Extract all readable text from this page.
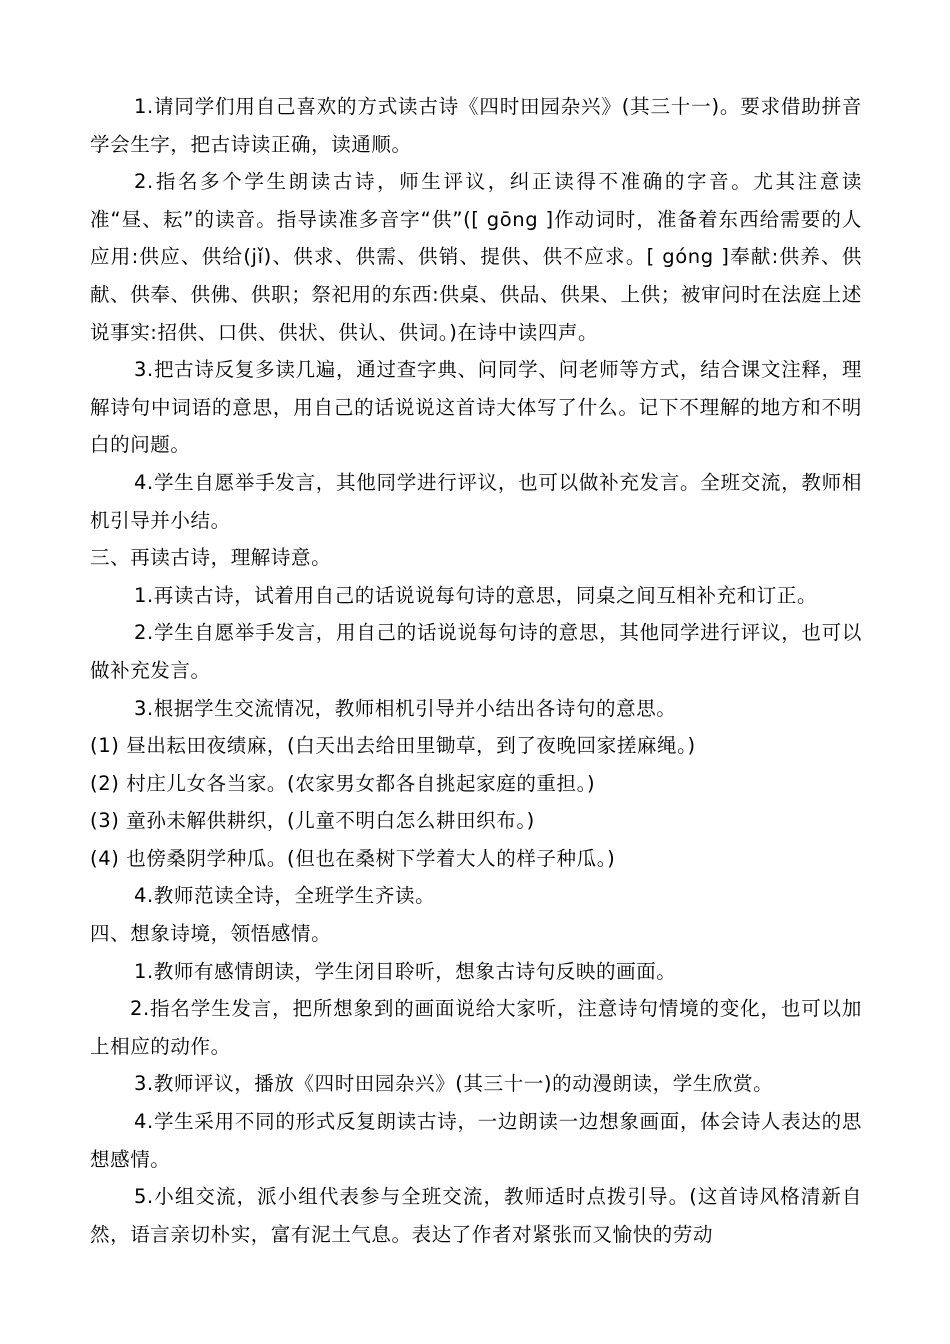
1.请同学们用自己喜欢的方式读古诗《四时田园杂兴》(其三十一)。要求借助拼音学会生字，把古诗读正确，读通顺。

2.指名多个学生朗读古诗，师生评议，纠正读得不准确的字音。尤其注意读准“昼、耘”的读音。指导读准多音字“供”([ gōng ]作动词时，准备着东西给需要的人应用:供应、供给(jǐ)、供求、供需、供销、提供、供不应求。[ góng ]奉献:供养、供献、供奉、供佛、供职；祭祀用的东西:供桌、供品、供果、上供；被审问时在法庭上述说事实:招供、口供、供状、供认、供词。)在诗中读四声。

3.把古诗反复多读几遍，通过查字典、问同学、问老师等方式，结合课文注释，理解诗句中词语的意思，用自己的话说说这首诗大体写了什么。记下不理解的地方和不明白的问题。

4.学生自愿举手发言，其他同学进行评议，也可以做补充发言。全班交流，教师相机引导并小结。

三、再读古诗，理解诗意。

1.再读古诗，试着用自己的话说说每句诗的意思，同桌之间互相补充和订正。

2.学生自愿举手发言，用自己的话说说每句诗的意思，其他同学进行评议，也可以做补充发言。

3.根据学生交流情况，教师相机引导并小结出各诗句的意思。

(1) 昼出耘田夜绩麻，(白天出去给田里锄草，到了夜晚回家搓麻绳。)

(2) 村庄儿女各当家。(农家男女都各自挑起家庭的重担。)

(3) 童孙未解供耕织，(儿童不明白怎么耕田织布。)

(4) 也傍桑阴学种瓜。(但也在桑树下学着大人的样子种瓜。)

4.教师范读全诗，全班学生齐读。

四、想象诗境，领悟感情。

1.教师有感情朗读，学生闭目聆听，想象古诗句反映的画面。

2.指名学生发言，把所想象到的画面说给大家听，注意诗句情境的变化，也可以加上相应的动作。

3.教师评议，播放《四时田园杂兴》(其三十一)的动漫朗读，学生欣赏。

4.学生采用不同的形式反复朗读古诗，一边朗读一边想象画面，体会诗人表达的思想感情。

5.小组交流，派小组代表参与全班交流，教师适时点拨引导。(这首诗风格清新自然，语言亲切朴实，富有泥土气息。表达了作者对紧张而又愉快的劳动
